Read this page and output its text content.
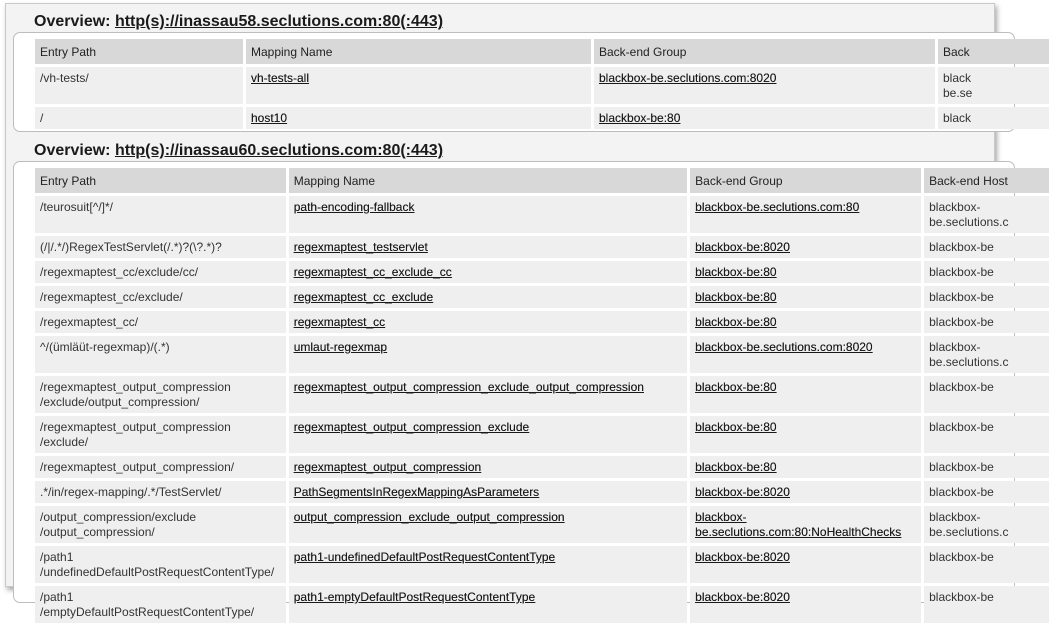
Overview: http(s)://inassau58.seclutions.com:80(:443)
Entry Path	Mapping Name	Back-end Group	Back
/vh-tests/	vh-tests-all	blackbox-be.seclutions.com:8020	black
be.se
/	host10	blackbox-be:80	black
Overview: http(s)://inassau60.seclutions.com:80(:443)
Entry Path	Mapping Name	Back-end Group	Back-end Host
/teurosuit[^/]*/	path-encoding-fallback	blackbox-be.seclutions.com:80	blackbox-
be.seclutions.c
(/|/.*/)RegexTestServlet(/.*)?(\?.*)?	regexmaptest_testservlet	blackbox-be:8020	blackbox-be
/regexmaptest_cc/exclude/cc/	regexmaptest_cc_exclude_cc	blackbox-be:80	blackbox-be
/regexmaptest_cc/exclude/	regexmaptest_cc_exclude	blackbox-be:80	blackbox-be
/regexmaptest_cc/	regexmaptest_cc	blackbox-be:80	blackbox-be
^/(ümläüt-regexmap)/(.*)	umlaut-regexmap	blackbox-be.seclutions.com:8020	blackbox-
be.seclutions.c
/regexmaptest_output_compression
/exclude/output_compression/	regexmaptest_output_compression_exclude_output_compression	blackbox-be:80	blackbox-be
/regexmaptest_output_compression
/exclude/	regexmaptest_output_compression_exclude	blackbox-be:80	blackbox-be
/regexmaptest_output_compression/	regexmaptest_output_compression	blackbox-be:80	blackbox-be
.*/in/regex-mapping/.*/TestServlet/	PathSegmentsInRegexMappingAsParameters	blackbox-be:8020	blackbox-be
/output_compression/exclude
/output_compression/	output_compression_exclude_output_compression	blackbox-
be.seclutions.com:80:NoHealthChecks	blackbox-
be.seclutions.c
/path1
/undefinedDefaultPostRequestContentType/	path1-undefinedDefaultPostRequestContentType	blackbox-be:8020	blackbox-be
/path1
/emptyDefaultPostRequestContentType/	path1-emptyDefaultPostRequestContentType	blackbox-be:8020	blackbox-be
